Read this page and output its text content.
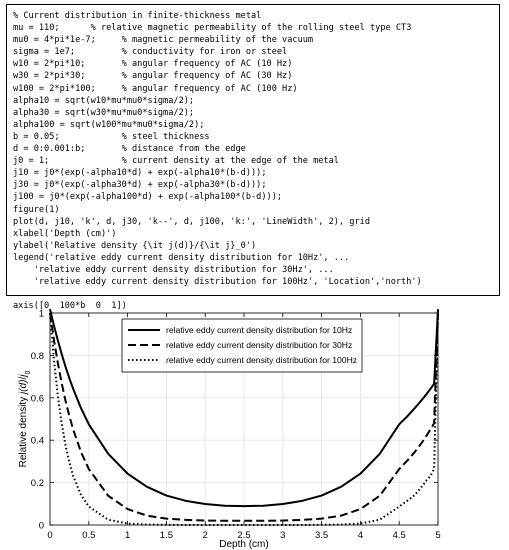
% Current distribution in finite-thickness metal
mu = 110;      % relative magnetic permeability of the rolling steel type CT3
mu0 = 4*pi*1e-7;     % magnetic permeability of the vacuum
sigma = 1e7;         % conductivity for iron or steel
w10 = 2*pi*10;       % angular frequency of AC (10 Hz)
w30 = 2*pi*30;       % angular frequency of AC (30 Hz)
w100 = 2*pi*100;     % angular frequency of AC (100 Hz)
alpha10 = sqrt(w10*mu*mu0*sigma/2);
alpha30 = sqrt(w30*mu*mu0*sigma/2);
alpha100 = sqrt(w100*mu*mu0*sigma/2);
b = 0.05;            % steel thickness
d = 0:0.001:b;       % distance from the edge
j0 = 1;              % current density at the edge of the metal
j10 = j0*(exp(-alpha10*d) + exp(-alpha10*(b-d)));
j30 = j0*(exp(-alpha30*d) + exp(-alpha30*(b-d)));
j100 = j0*(exp(-alpha100*d) + exp(-alpha100*(b-d)));
figure(1)
plot(d, j10, 'k', d, j30, 'k--', d, j100, 'k:', 'LineWidth', 2), grid
xlabel('Depth (cm)')
ylabel('Relative density {\it j(d)}/{\it j}_0')
legend('relative eddy current density distribution for 10Hz', ...
'relative eddy current density distribution for 30Hz', ...
'relative eddy current density distribution for 100Hz', 'Location','north')
axis([0  100*b  0  1])
0	0.5	1	1.5	2	2.5	3	3.5	4	4.5	5
0
0.2
0.4
0.6
0.8
1
Depth (cm)
Relative density $j(d)/j_0$
relative eddy current density distribution for 10Hz
relative eddy current density distribution for 30Hz
relative eddy current density distribution for 100Hz
